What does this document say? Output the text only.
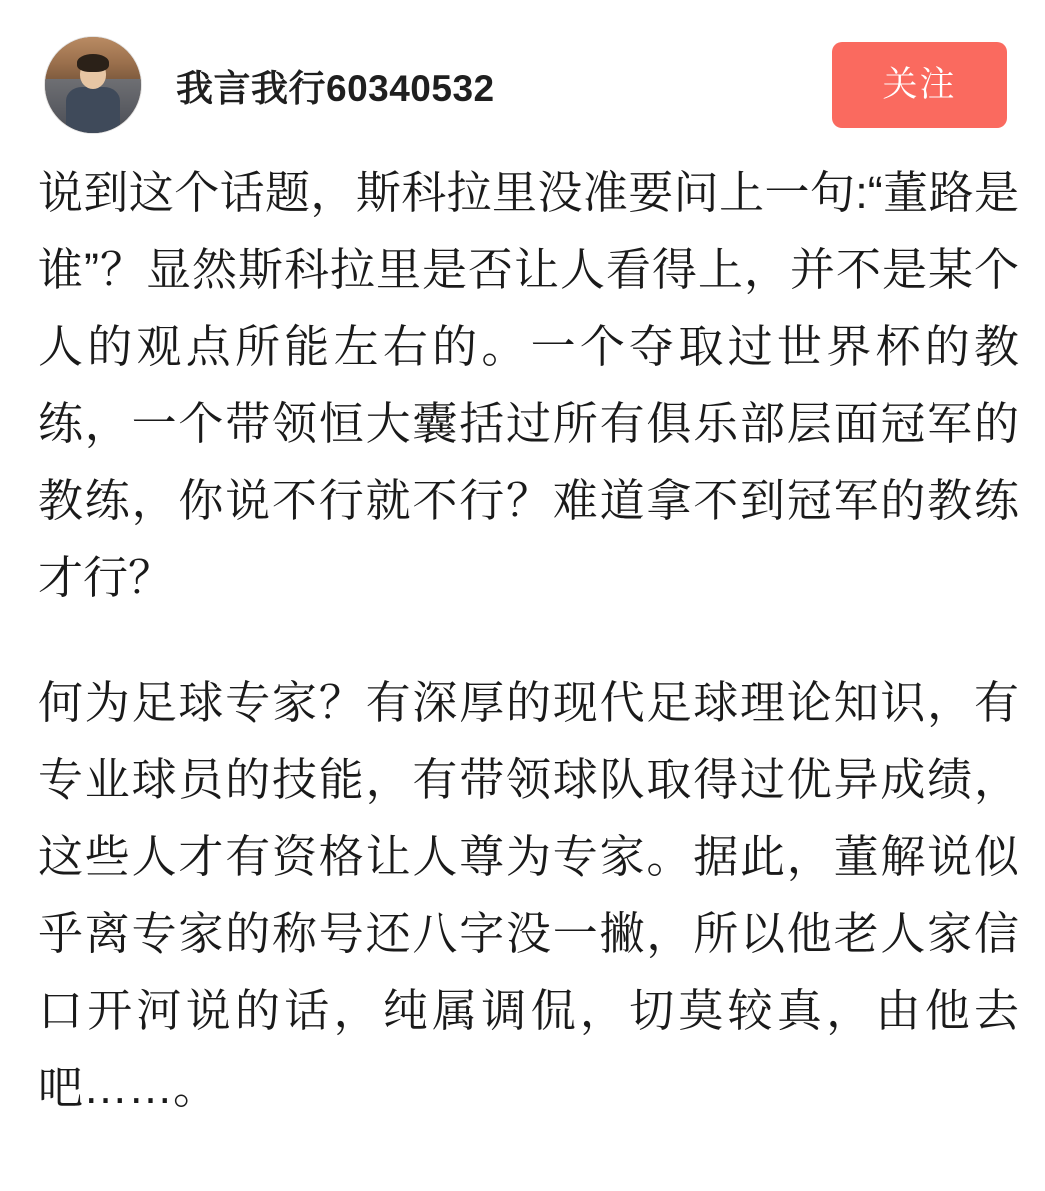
我言我行60340532	关注

说到这个话题，斯科拉里没准要问上一句:“董路是谁”？显然斯科拉里是否让人看得上，并不是某个人的观点所能左右的。一个夺取过世界杯的教练，一个带领恒大囊括过所有俱乐部层面冠军的教练，你说不行就不行？难道拿不到冠军的教练才行？

何为足球专家？有深厚的现代足球理论知识，有专业球员的技能，有带领球队取得过优异成绩，这些人才有资格让人尊为专家。据此，董解说似乎离专家的称号还八字没一撇，所以他老人家信口开河说的话，纯属调侃，切莫较真，由他去吧……。
